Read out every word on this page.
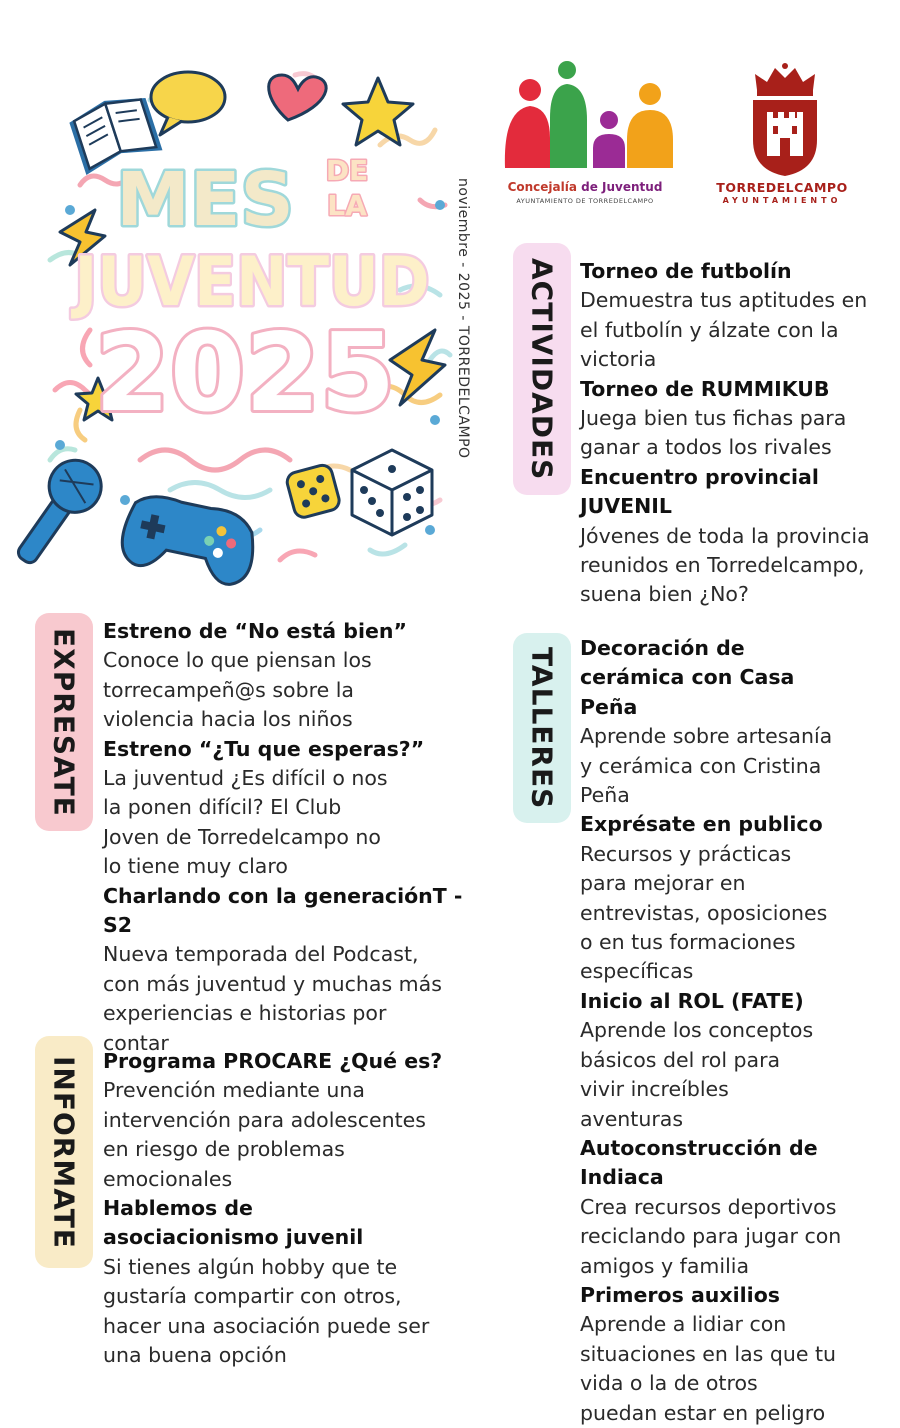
MES DE
LA
JUVENTUD
2025	noviembre - 2025 - TORREDELCAMPO	Concejalía de Juventud
AYUNTAMIENTO DE TORREDELCAMPO
TORREDELCAMPO
AYUNTAMIENTO
ACTIVIDADES
TALLERES
EXPRESATE
INFORMATE
Torneo de futbolín
Demuestra tus aptitudes en el futbolín y álzate con la victoria
Torneo de RUMMIKUB
Juega bien tus fichas para ganar a todos los rivales
Encuentro provincial JUVENIL
Jóvenes de toda la provincia reunidos en Torredelcampo, suena bien ¿No?
Decoración de cerámica con Casa Peña
Aprende sobre artesanía y cerámica con Cristina Peña
Exprésate en publico
Recursos y prácticas para mejorar en entrevistas, oposiciones o en tus formaciones específicas
Inicio al ROL (FATE)
Aprende los conceptos básicos del rol para vivir increíbles aventuras
Autoconstrucción de Indiaca
Crea recursos deportivos reciclando para jugar con amigos y familia
Primeros auxilios
Aprende a lidiar con situaciones en las que tu vida o la de otros puedan estar en peligro
Estreno de “No está bien”
Conoce lo que piensan los torrecampeñ@s sobre la violencia hacia los niños
Estreno “¿Tu que esperas?”
La juventud ¿Es difícil o nos la ponen difícil? El Club Joven de Torredelcampo no lo tiene muy claro
Charlando con la generaciónT - S2
Nueva temporada del Podcast, con más juventud y muchas más experiencias e historias por contar
Programa PROCARE ¿Qué es?
Prevención mediante una intervención para adolescentes en riesgo de problemas emocionales
Hablemos de asociacionismo juvenil
Si tienes algún hobby que te gustaría compartir con otros, hacer una asociación puede ser una buena opción
